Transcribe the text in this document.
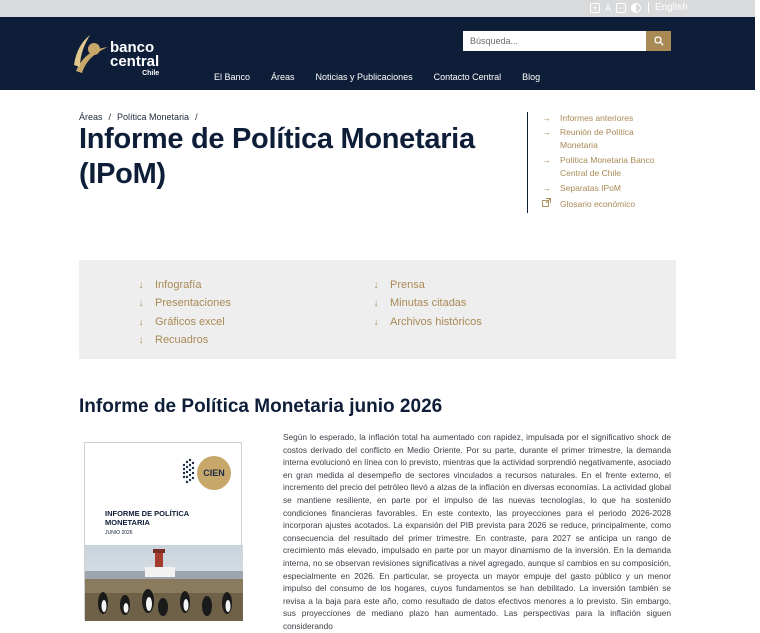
+ A −	English
banco
central
Chile
Búsqueda...	El Banco Áreas Noticias y Publicaciones Contacto Central Blog
Áreas / Política Monetaria /
Informe de Política Monetaria (IPoM)
→ Informes anteriores
→ Reunión de Política Monetaria
→ Política Monetaria Banco Central de Chile
→ Separatas IPoM
Glosario económico
↓ Infografía
↓ Presentaciones
↓ Gráficos excel
↓ Recuadros
↓ Prensa
↓ Minutas citadas
↓ Archivos históricos
Informe de Política Monetaria junio 2026
CIEN
INFORME DE POLÍTICA MONETARIA
JUNIO 2026

Según lo esperado, la inflación total ha aumentado con rapidez, impulsada por el significativo shock de costos derivado del conflicto en Medio Oriente. Por su parte, durante el primer trimestre, la demanda interna evolucionó en línea con lo previsto, mientras que la actividad sorprendió negativamente, asociado en gran medida al desempeño de sectores vinculados a recursos naturales. En el frente externo, el incremento del precio del petróleo llevó a alzas de la inflación en diversas economías. La actividad global se mantiene resiliente, en parte por el impulso de las nuevas tecnologías, lo que ha sostenido condiciones financieras favorables. En este contexto, las proyecciones para el periodo 2026-2028 incorporan ajustes acotados. La expansión del PIB prevista para 2026 se reduce, principalmente, como consecuencia del resultado del primer trimestre. En contraste, para 2027 se anticipa un rango de crecimiento más elevado, impulsado en parte por un mayor dinamismo de la inversión. En la demanda interna, no se observan revisiones significativas a nivel agregado, aunque sí cambios en su composición, especialmente en 2026. En particular, se proyecta un mayor empuje del gasto público y un menor impulso del consumo de los hogares, cuyos fundamentos se han debilitado. La inversión también se revisa a la baja para este año, como resultado de datos efectivos menores a lo previsto. Sin embargo, sus proyecciones de mediano plazo han aumentado. Las perspectivas para la inflación siguen considerando
